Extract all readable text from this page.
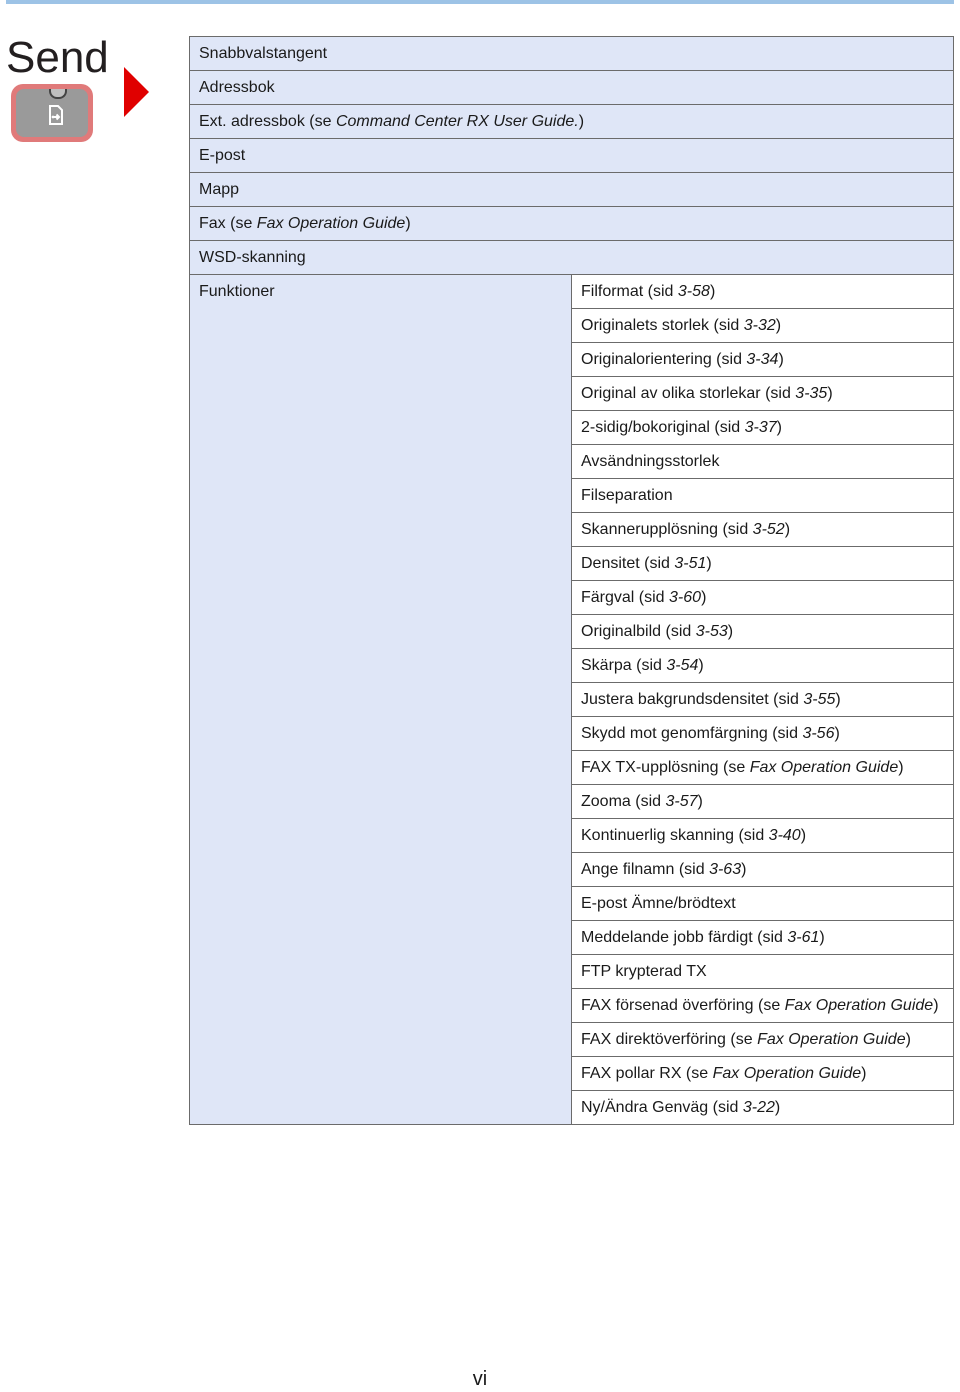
Send	Snabbvalstangent
Adressbok
Ext. adressbok (se Command Center RX User Guide.)
E-post
Mapp
Fax (se Fax Operation Guide)
WSD-skanning
Funktioner	Filformat (sid 3-58)
Originalets storlek (sid 3-32)
Originalorientering (sid 3-34)
Original av olika storlekar (sid 3-35)
2-sidig/bokoriginal (sid 3-37)
Avsändningsstorlek
Filseparation
Skannerupplösning (sid 3-52)
Densitet (sid 3-51)
Färgval (sid 3-60)
Originalbild (sid 3-53)
Skärpa (sid 3-54)
Justera bakgrundsdensitet (sid 3-55)
Skydd mot genomfärgning (sid 3-56)
FAX TX-upplösning (se Fax Operation Guide)
Zooma (sid 3-57)
Kontinuerlig skanning (sid 3-40)
Ange filnamn (sid 3-63)
E-post Ämne/brödtext
Meddelande jobb färdigt (sid 3-61)
FTP krypterad TX
FAX försenad överföring (se Fax Operation Guide)
FAX direktöverföring (se Fax Operation Guide)
FAX pollar RX (se Fax Operation Guide)
Ny/Ändra Genväg (sid 3-22)
vi
